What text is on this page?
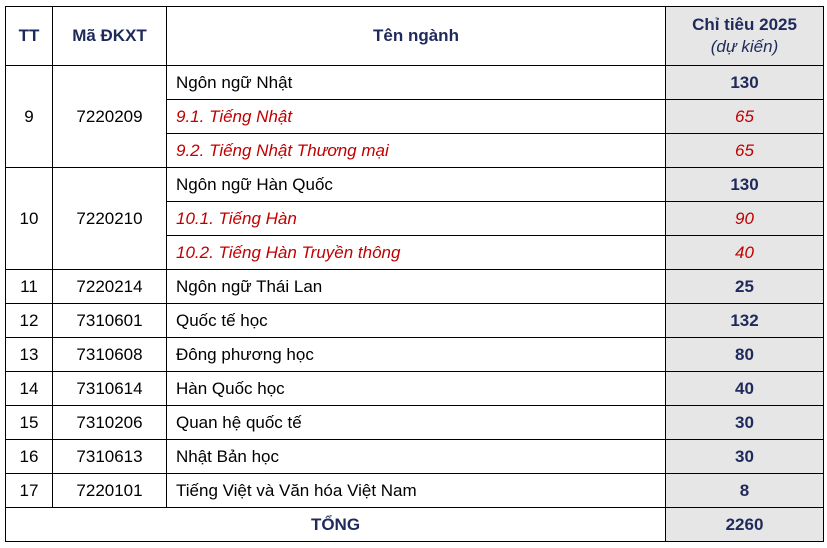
TT	Mã ĐKXT	Tên ngành	Chỉ tiêu 2025
(dự kiến)

9	7220209	Ngôn ngữ Nhật	130
		9.1. Tiếng Nhật	65
		9.2. Tiếng Nhật Thương mại	65
10	7220210	Ngôn ngữ Hàn Quốc	130
		10.1. Tiếng Hàn	90
		10.2. Tiếng Hàn Truyền thông	40
11	7220214	Ngôn ngữ Thái Lan	25
12	7310601	Quốc tế học	132
13	7310608	Đông phương học	80
14	7310614	Hàn Quốc học	40
15	7310206	Quan hệ quốc tế	30
16	7310613	Nhật Bản học	30
17	7220101	Tiếng Việt và Văn hóa Việt Nam	8
TỔNG			2260
